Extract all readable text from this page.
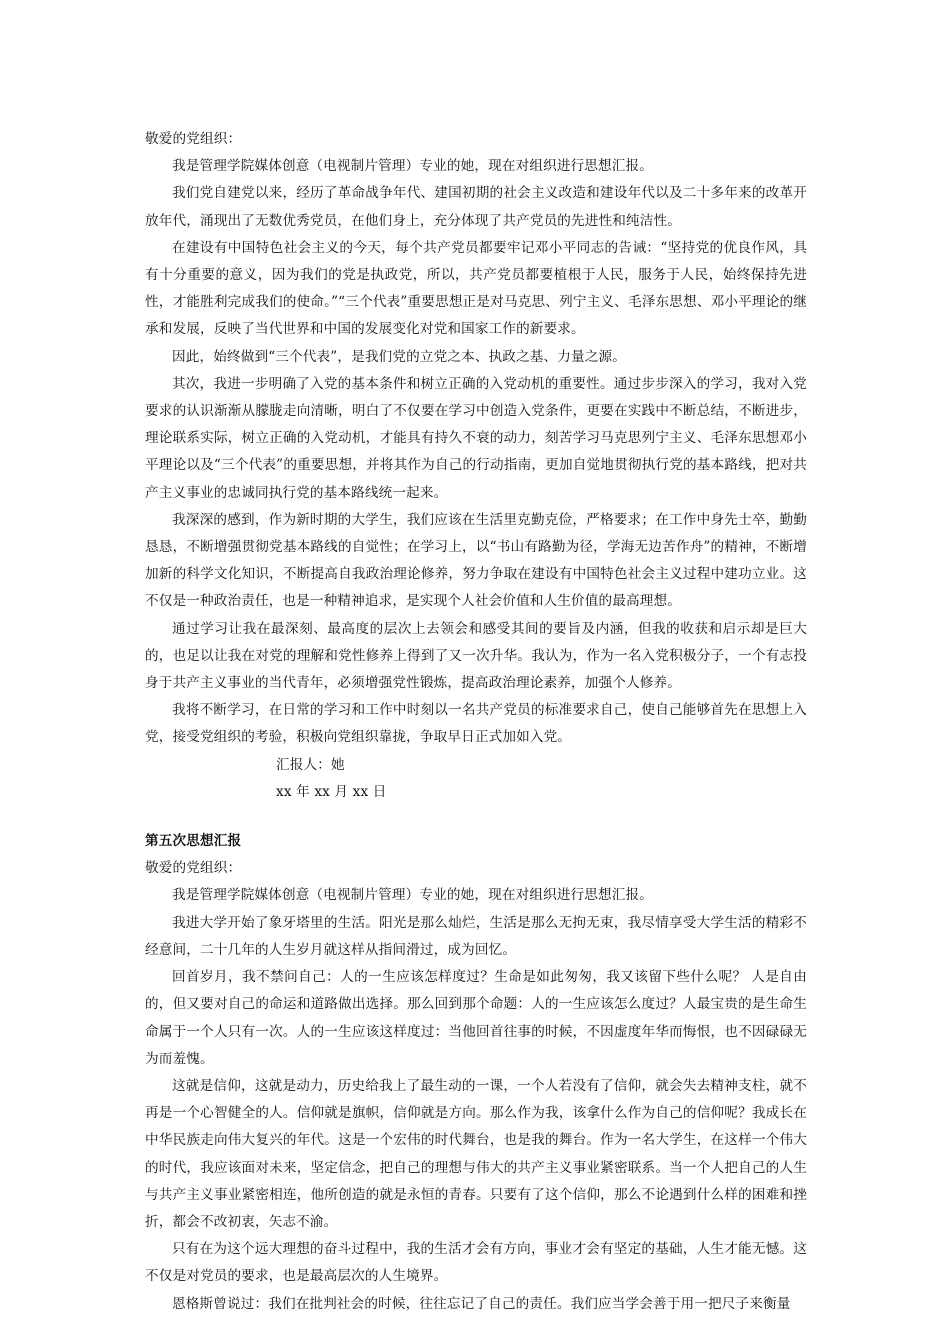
敬爱的党组织：

我是管理学院媒体创意（电视制片管理）专业的她，现在对组织进行思想汇报。

我们党自建党以来，经历了革命战争年代、建国初期的社会主义改造和建设年代以及二十多年来的改革开放年代，涌现出了无数优秀党员，在他们身上，充分体现了共产党员的先进性和纯洁性。

在建设有中国特色社会主义的今天，每个共产党员都要牢记邓小平同志的告诫：“坚持党的优良作风，具有十分重要的意义，因为我们的党是执政党，所以，共产党员都要植根于人民，服务于人民，始终保持先进性，才能胜利完成我们的使命。”“三个代表”重要思想正是对马克思、列宁主义、毛泽东思想、邓小平理论的继承和发展，反映了当代世界和中国的发展变化对党和国家工作的新要求。

因此，始终做到“三个代表”，是我们党的立党之本、执政之基、力量之源。

其次，我进一步明确了入党的基本条件和树立正确的入党动机的重要性。通过步步深入的学习，我对入党要求的认识渐渐从朦胧走向清晰，明白了不仅要在学习中创造入党条件，更要在实践中不断总结，不断进步，理论联系实际，树立正确的入党动机，才能具有持久不衰的动力，刻苦学习马克思列宁主义、毛泽东思想邓小平理论以及“三个代表”的重要思想，并将其作为自己的行动指南，更加自觉地贯彻执行党的基本路线，把对共产主义事业的忠诚同执行党的基本路线统一起来。

我深深的感到，作为新时期的大学生，我们应该在生活里克勤克俭，严格要求；在工作中身先士卒，勤勤恳恳，不断增强贯彻党基本路线的自觉性；在学习上，以“书山有路勤为径，学海无边苦作舟”的精神，不断增加新的科学文化知识，不断提高自我政治理论修养，努力争取在建设有中国特色社会主义过程中建功立业。这不仅是一种政治责任，也是一种精神追求，是实现个人社会价值和人生价值的最高理想。

通过学习让我在最深刻、最高度的层次上去领会和感受其间的要旨及内涵，但我的收获和启示却是巨大的，也足以让我在对党的理解和党性修养上得到了又一次升华。我认为，作为一名入党积极分子，一个有志投身于共产主义事业的当代青年，必须增强党性锻炼，提高政治理论素养，加强个人修养。

我将不断学习，在日常的学习和工作中时刻以一名共产党员的标准要求自己，使自己能够首先在思想上入党，接受党组织的考验，积极向党组织靠拢，争取早日正式加如入党。

汇报人：她

xx 年 xx 月 xx 日

第五次思想汇报

敬爱的党组织：

我是管理学院媒体创意（电视制片管理）专业的她，现在对组织进行思想汇报。

我进大学开始了象牙塔里的生活。阳光是那么灿烂，生活是那么无拘无束，我尽情享受大学生活的精彩不经意间，二十几年的人生岁月就这样从指间滑过，成为回忆。

回首岁月，我不禁问自己：人的一生应该怎样度过？生命是如此匆匆，我又该留下些什么呢？ 人是自由的，但又要对自己的命运和道路做出选择。那么回到那个命题：人的一生应该怎么度过？人最宝贵的是生命生命属于一个人只有一次。人的一生应该这样度过：当他回首往事的时候，不因虚度年华而悔恨，也不因碌碌无为而羞愧。

这就是信仰，这就是动力，历史给我上了最生动的一课，一个人若没有了信仰，就会失去精神支柱，就不再是一个心智健全的人。信仰就是旗帜，信仰就是方向。那么作为我，该拿什么作为自己的信仰呢？我成长在中华民族走向伟大复兴的年代。这是一个宏伟的时代舞台，也是我的舞台。作为一名大学生，在这样一个伟大的时代，我应该面对未来，坚定信念，把自己的理想与伟大的共产主义事业紧密联系。当一个人把自己的人生与共产主义事业紧密相连，他所创造的就是永恒的青春。只要有了这个信仰，那么不论遇到什么样的困难和挫折，都会不改初衷，矢志不渝。

只有在为这个远大理想的奋斗过程中，我的生活才会有方向，事业才会有坚定的基础，人生才能无憾。这不仅是对党员的要求，也是最高层次的人生境界。

恩格斯曾说过：我们在批判社会的时候，往往忘记了自己的责任。我们应当学会善于用一把尺子来衡量
